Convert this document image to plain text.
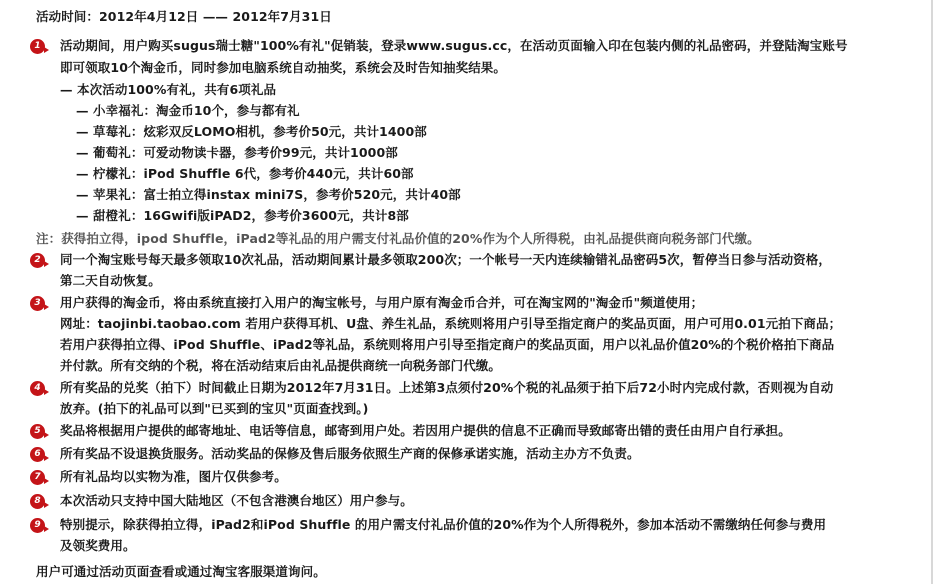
活动时间：2012年4月12日 —— 2012年7月31日
1	活动期间，用户购买sugus瑞士糖"100%有礼"促销装，登录www.sugus.cc，在活动页面输入印在包装内侧的礼品密码，并登陆淘宝账号
即可领取10个淘金币，同时参加电脑系统自动抽奖，系统会及时告知抽奖结果。
— 本次活动100%有礼，共有6项礼品
— 小幸福礼：淘金币10个，参与都有礼
— 草莓礼：炫彩双反LOMO相机，参考价50元，共计1400部
— 葡萄礼：可爱动物读卡器，参考价99元，共计1000部
— 柠檬礼：iPod Shuffle 6代，参考价440元，共计60部
— 苹果礼：富士拍立得instax mini7S，参考价520元，共计40部
— 甜橙礼：16Gwifi版iPAD2，参考价3600元，共计8部
注：获得拍立得，ipod Shuffle，iPad2等礼品的用户需支付礼品价值的20%作为个人所得税，由礼品提供商向税务部门代缴。
2	同一个淘宝账号每天最多领取10次礼品，活动期间累计最多领取200次；一个帐号一天内连续输错礼品密码5次，暂停当日参与活动资格，
第二天自动恢复。
3	用户获得的淘金币，将由系统直接打入用户的淘宝帐号，与用户原有淘金币合并，可在淘宝网的"淘金币"频道使用；
网址：taojinbi.taobao.com 若用户获得耳机、U盘、养生礼品，系统则将用户引导至指定商户的奖品页面，用户可用0.01元拍下商品；
若用户获得拍立得、iPod Shuffle、iPad2等礼品，系统则将用户引导至指定商户的奖品页面，用户以礼品价值20%的个税价格拍下商品
并付款。所有交纳的个税，将在活动结束后由礼品提供商统一向税务部门代缴。
4	所有奖品的兑奖（拍下）时间截止日期为2012年7月31日。上述第3点须付20%个税的礼品须于拍下后72小时内完成付款，否则视为自动
放弃。(拍下的礼品可以到"已买到的宝贝"页面查找到。)
5	奖品将根据用户提供的邮寄地址、电话等信息，邮寄到用户处。若因用户提供的信息不正确而导致邮寄出错的责任由用户自行承担。
6	所有奖品不设退换货服务。活动奖品的保修及售后服务依照生产商的保修承诺实施，活动主办方不负责。
7	所有礼品均以实物为准，图片仅供参考。
8	本次活动只支持中国大陆地区（不包含港澳台地区）用户参与。
9	特别提示，除获得拍立得，iPad2和iPod Shuffle 的用户需支付礼品价值的20%作为个人所得税外，参加本活动不需缴纳任何参与费用
及领奖费用。
用户可通过活动页面查看或通过淘宝客服渠道询问。
